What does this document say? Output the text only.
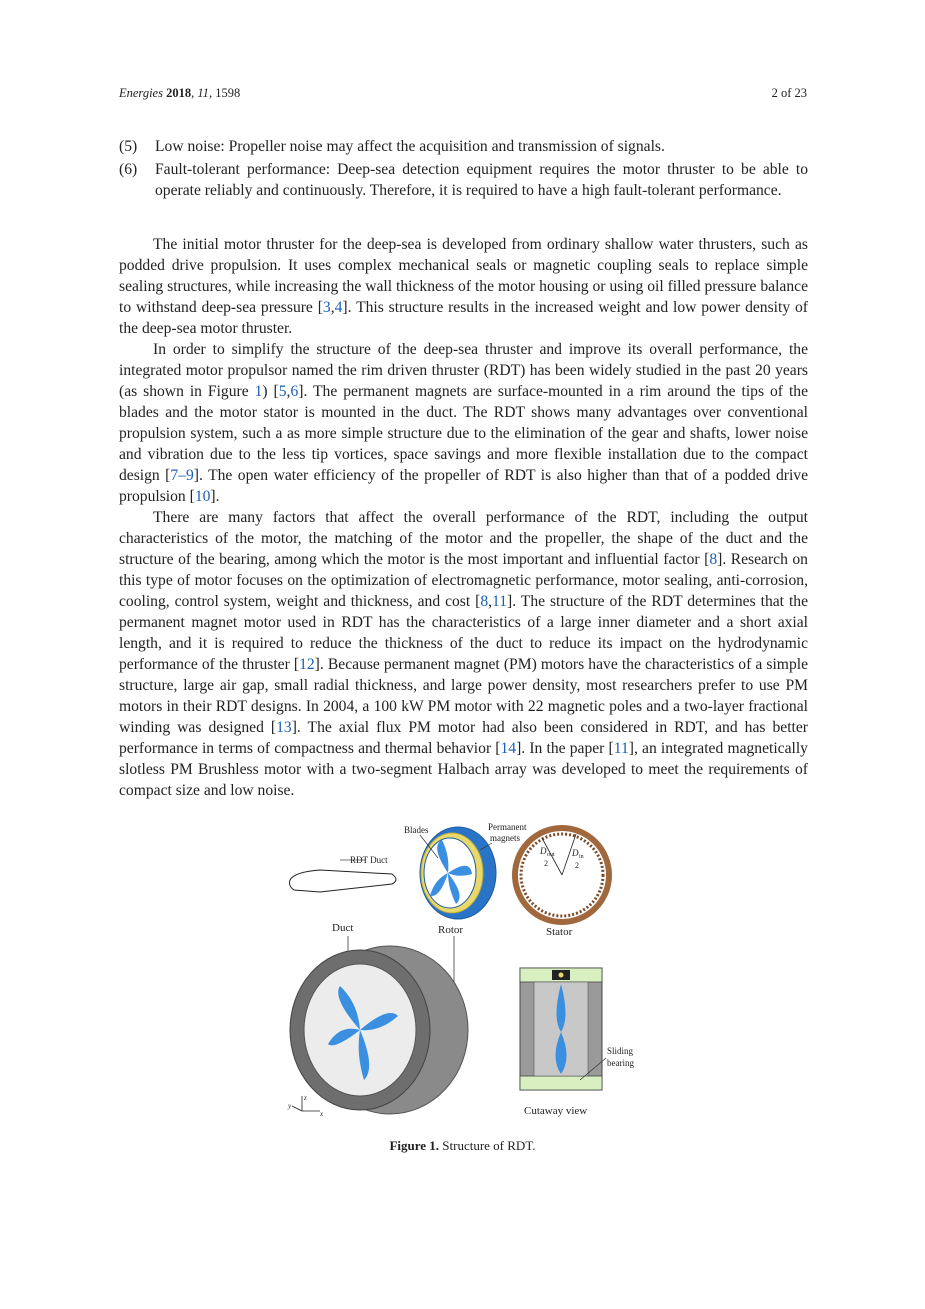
Energies 2018, 11, 1598	2 of 23
(5)	Low noise: Propeller noise may affect the acquisition and transmission of signals.
(6)	Fault-tolerant performance: Deep-sea detection equipment requires the motor thruster to be able to operate reliably and continuously. Therefore, it is required to have a high fault-tolerant performance.

The initial motor thruster for the deep-sea is developed from ordinary shallow water thrusters, such as podded drive propulsion. It uses complex mechanical seals or magnetic coupling seals to replace simple sealing structures, while increasing the wall thickness of the motor housing or using oil filled pressure balance to withstand deep-sea pressure [3,4]. This structure results in the increased weight and low power density of the deep-sea motor thruster.

In order to simplify the structure of the deep-sea thruster and improve its overall performance, the integrated motor propulsor named the rim driven thruster (RDT) has been widely studied in the past 20 years (as shown in Figure 1) [5,6]. The permanent magnets are surface-mounted in a rim around the tips of the blades and the motor stator is mounted in the duct. The RDT shows many advantages over conventional propulsion system, such a as more simple structure due to the elimination of the gear and shafts, lower noise and vibration due to the less tip vortices, space savings and more flexible installation due to the compact design [7–9]. The open water efficiency of the propeller of RDT is also higher than that of a podded drive propulsion [10].

There are many factors that affect the overall performance of the RDT, including the output characteristics of the motor, the matching of the motor and the propeller, the shape of the duct and the structure of the bearing, among which the motor is the most important and influential factor [8]. Research on this type of motor focuses on the optimization of electromagnetic performance, motor sealing, anti-corrosion, cooling, control system, weight and thickness, and cost [8,11]. The structure of the RDT determines that the permanent magnet motor used in RDT has the characteristics of a large inner diameter and a short axial length, and it is required to reduce the thickness of the duct to reduce its impact on the hydrodynamic performance of the thruster [12]. Because permanent magnet (PM) motors have the characteristics of a simple structure, large air gap, small radial thickness, and large power density, most researchers prefer to use PM motors in their RDT designs. In 2004, a 100 kW PM motor with 22 magnetic poles and a two-layer fractional winding was designed [13]. The axial flux PM motor had also been considered in RDT, and has better performance in terms of compactness and thermal behavior [14]. In the paper [11], an integrated magnetically slotless PM Brushless motor with a two-segment Halbach array was developed to meet the requirements of compact size and low noise.

RDT Duct
Blades	Permanent
magnets
Rotor
D out
2
D in
2
Stator
Duct
y
z
x
Sliding
bearing
Cutaway view
Figure 1. Structure of RDT.
